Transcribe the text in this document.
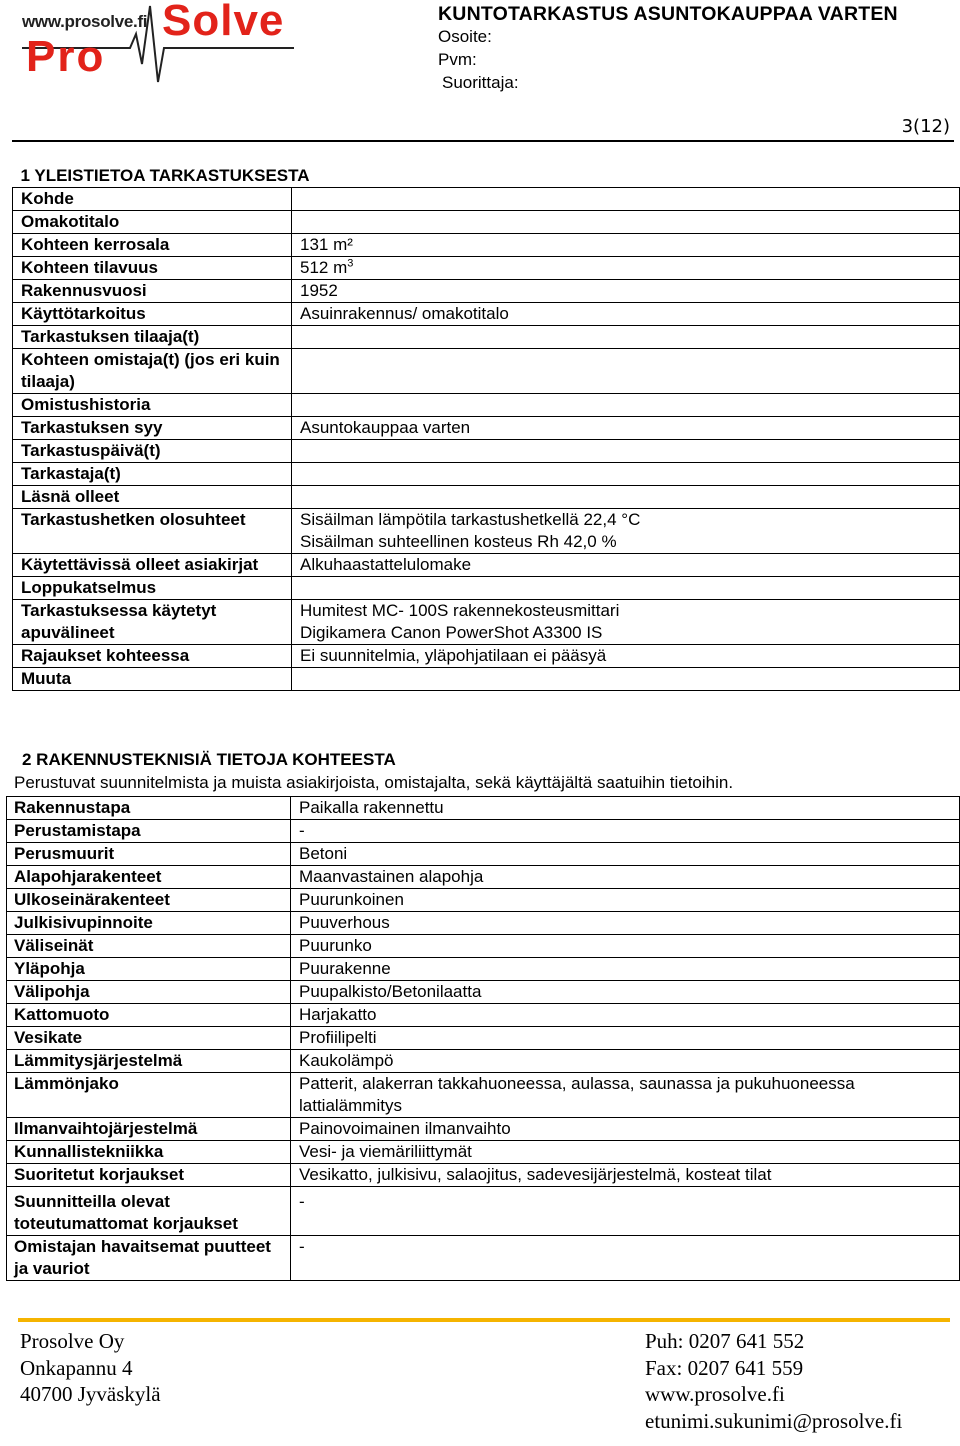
www.prosolve.fi Solve
Pro
KUNTOTARKASTUS ASUNTOKAUPPAA VARTEN
Osoite:
Pvm:
Suorittaja:
3(12)
1 YLEISTIETOA TARKASTUKSESTA	
Kohde	
Omakotitalo	
Kohteen kerrosala	131 m²
Kohteen tilavuus	512 $m^3$
Rakennusvuosi	1952
Käyttötarkoitus	Asuinrakennus/ omakotitalo
Tarkastuksen tilaaja(t)	
Kohteen omistaja(t) (jos eri kuin tilaaja)	
Omistushistoria	
Tarkastuksen syy	Asuntokauppaa varten
Tarkastuspäivä(t)	
Tarkastaja(t)	
Läsnä olleet	
Tarkastushetken olosuhteet	Sisäilman lämpötila tarkastushetkellä 22,4 °C
Sisäilman suhteellinen kosteus Rh 42,0 %

Käytettävissä olleet asiakirjat	Alkuhaastattelulomake
Loppukatselmus	
Tarkastuksessa käytetyt apuvälineet	Humitest MC- 100S rakennekosteusmittari
Digikamera Canon PowerShot A3300 IS

Rajaukset kohteessa	Ei suunnitelmia, yläpohjatilaan ei pääsyä
Muuta	
2 RAKENNUSTEKNISIÄ TIETOJA KOHTEESTA
Perustuvat suunnitelmista ja muista asiakirjoista, omistajalta, sekä käyttäjältä saatuihin tietoihin.
Rakennustapa	Paikalla rakennettu
Perustamistapa	-
Perusmuurit	Betoni
Alapohjarakenteet	Maanvastainen alapohja
Ulkoseinärakenteet	Puurunkoinen
Julkisivupinnoite	Puuverhous
Väliseinät	Puurunko
Yläpohja	Puurakenne
Välipohja	Puupalkisto/Betonilaatta
Kattomuoto	Harjakatto
Vesikate	Profiilipelti
Lämmitysjärjestelmä	Kaukolämpö
Lämmönjako	Patterit, alakerran takkahuoneessa, aulassa, saunassa ja pukuhuoneessa lattialämmitys
Ilmanvaihtojärjestelmä	Painovoimainen ilmanvaihto
Kunnallistekniikka	Vesi- ja viemäriliittymät
Suoritetut korjaukset	Vesikatto, julkisivu, salaojitus, sadevesijärjestelmä, kosteat tilat
Suunnitteilla olevat toteutumattomat korjaukset	-
Omistajan havaitsemat puutteet ja vauriot	-
Prosolve Oy
Onkapannu 4
40700 Jyväskylä
Puh: 0207 641 552
Fax: 0207 641 559
www.prosolve.fi
etunimi.sukunimi@prosolve.fi
